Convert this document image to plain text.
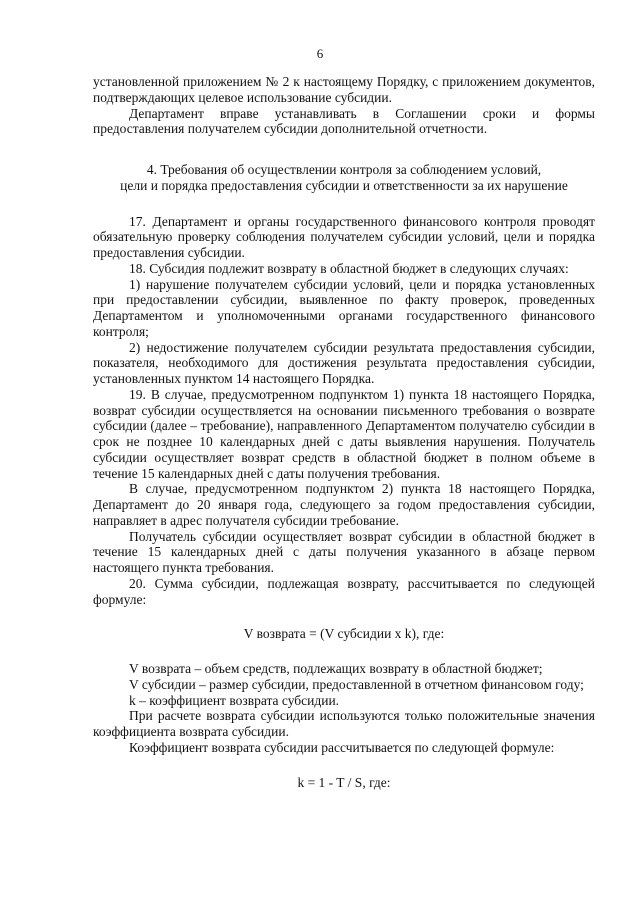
6

установленной приложением № 2 к настоящему Порядку, с приложением документов, подтверждающих целевое использование субсидии.

Департамент вправе устанавливать в Соглашении сроки и формы предоставления получателем субсидии дополнительной отчетности.

4. Требования об осуществлении контроля за соблюдением условий,

цели и порядка предоставления субсидии и ответственности за их нарушение

17. Департамент и органы государственного финансового контроля проводят обязательную проверку соблюдения получателем субсидии условий, цели и порядка предоставления субсидии.

18. Субсидия подлежит возврату в областной бюджет в следующих случаях:

1) нарушение получателем субсидии условий, цели и порядка установленных при предоставлении субсидии, выявленное по факту проверок, проведенных Департаментом и уполномоченными органами государственного финансового контроля;

2) недостижение получателем субсидии результата предоставления субсидии, показателя, необходимого для достижения результата предоставления субсидии, установленных пунктом 14 настоящего Порядка.

19. В случае, предусмотренном подпунктом 1) пункта 18 настоящего Порядка, возврат субсидии осуществляется на основании письменного требования о возврате субсидии (далее – требование), направленного Департаментом получателю субсидии в срок не позднее 10 календарных дней с даты выявления нарушения. Получатель субсидии осуществляет возврат средств в областной бюджет в полном объеме в течение 15 календарных дней с даты получения требования.

В случае, предусмотренном подпунктом 2) пункта 18 настоящего Порядка, Департамент до 20 января года, следующего за годом предоставления субсидии, направляет в адрес получателя субсидии требование.

Получатель субсидии осуществляет возврат субсидии в областной бюджет в течение 15 календарных дней с даты получения указанного в абзаце первом настоящего пункта требования.

20. Сумма субсидии, подлежащая возврату, рассчитывается по следующей формуле:

V возврата = (V субсидии x k), где:

V возврата – объем средств, подлежащих возврату в областной бюджет;

V субсидии – размер субсидии, предоставленной в отчетном финансовом году;

k – коэффициент возврата субсидии.

При расчете возврата субсидии используются только положительные значения коэффициента возврата субсидии.

Коэффициент возврата субсидии рассчитывается по следующей формуле:

k = 1 - T / S, где:
